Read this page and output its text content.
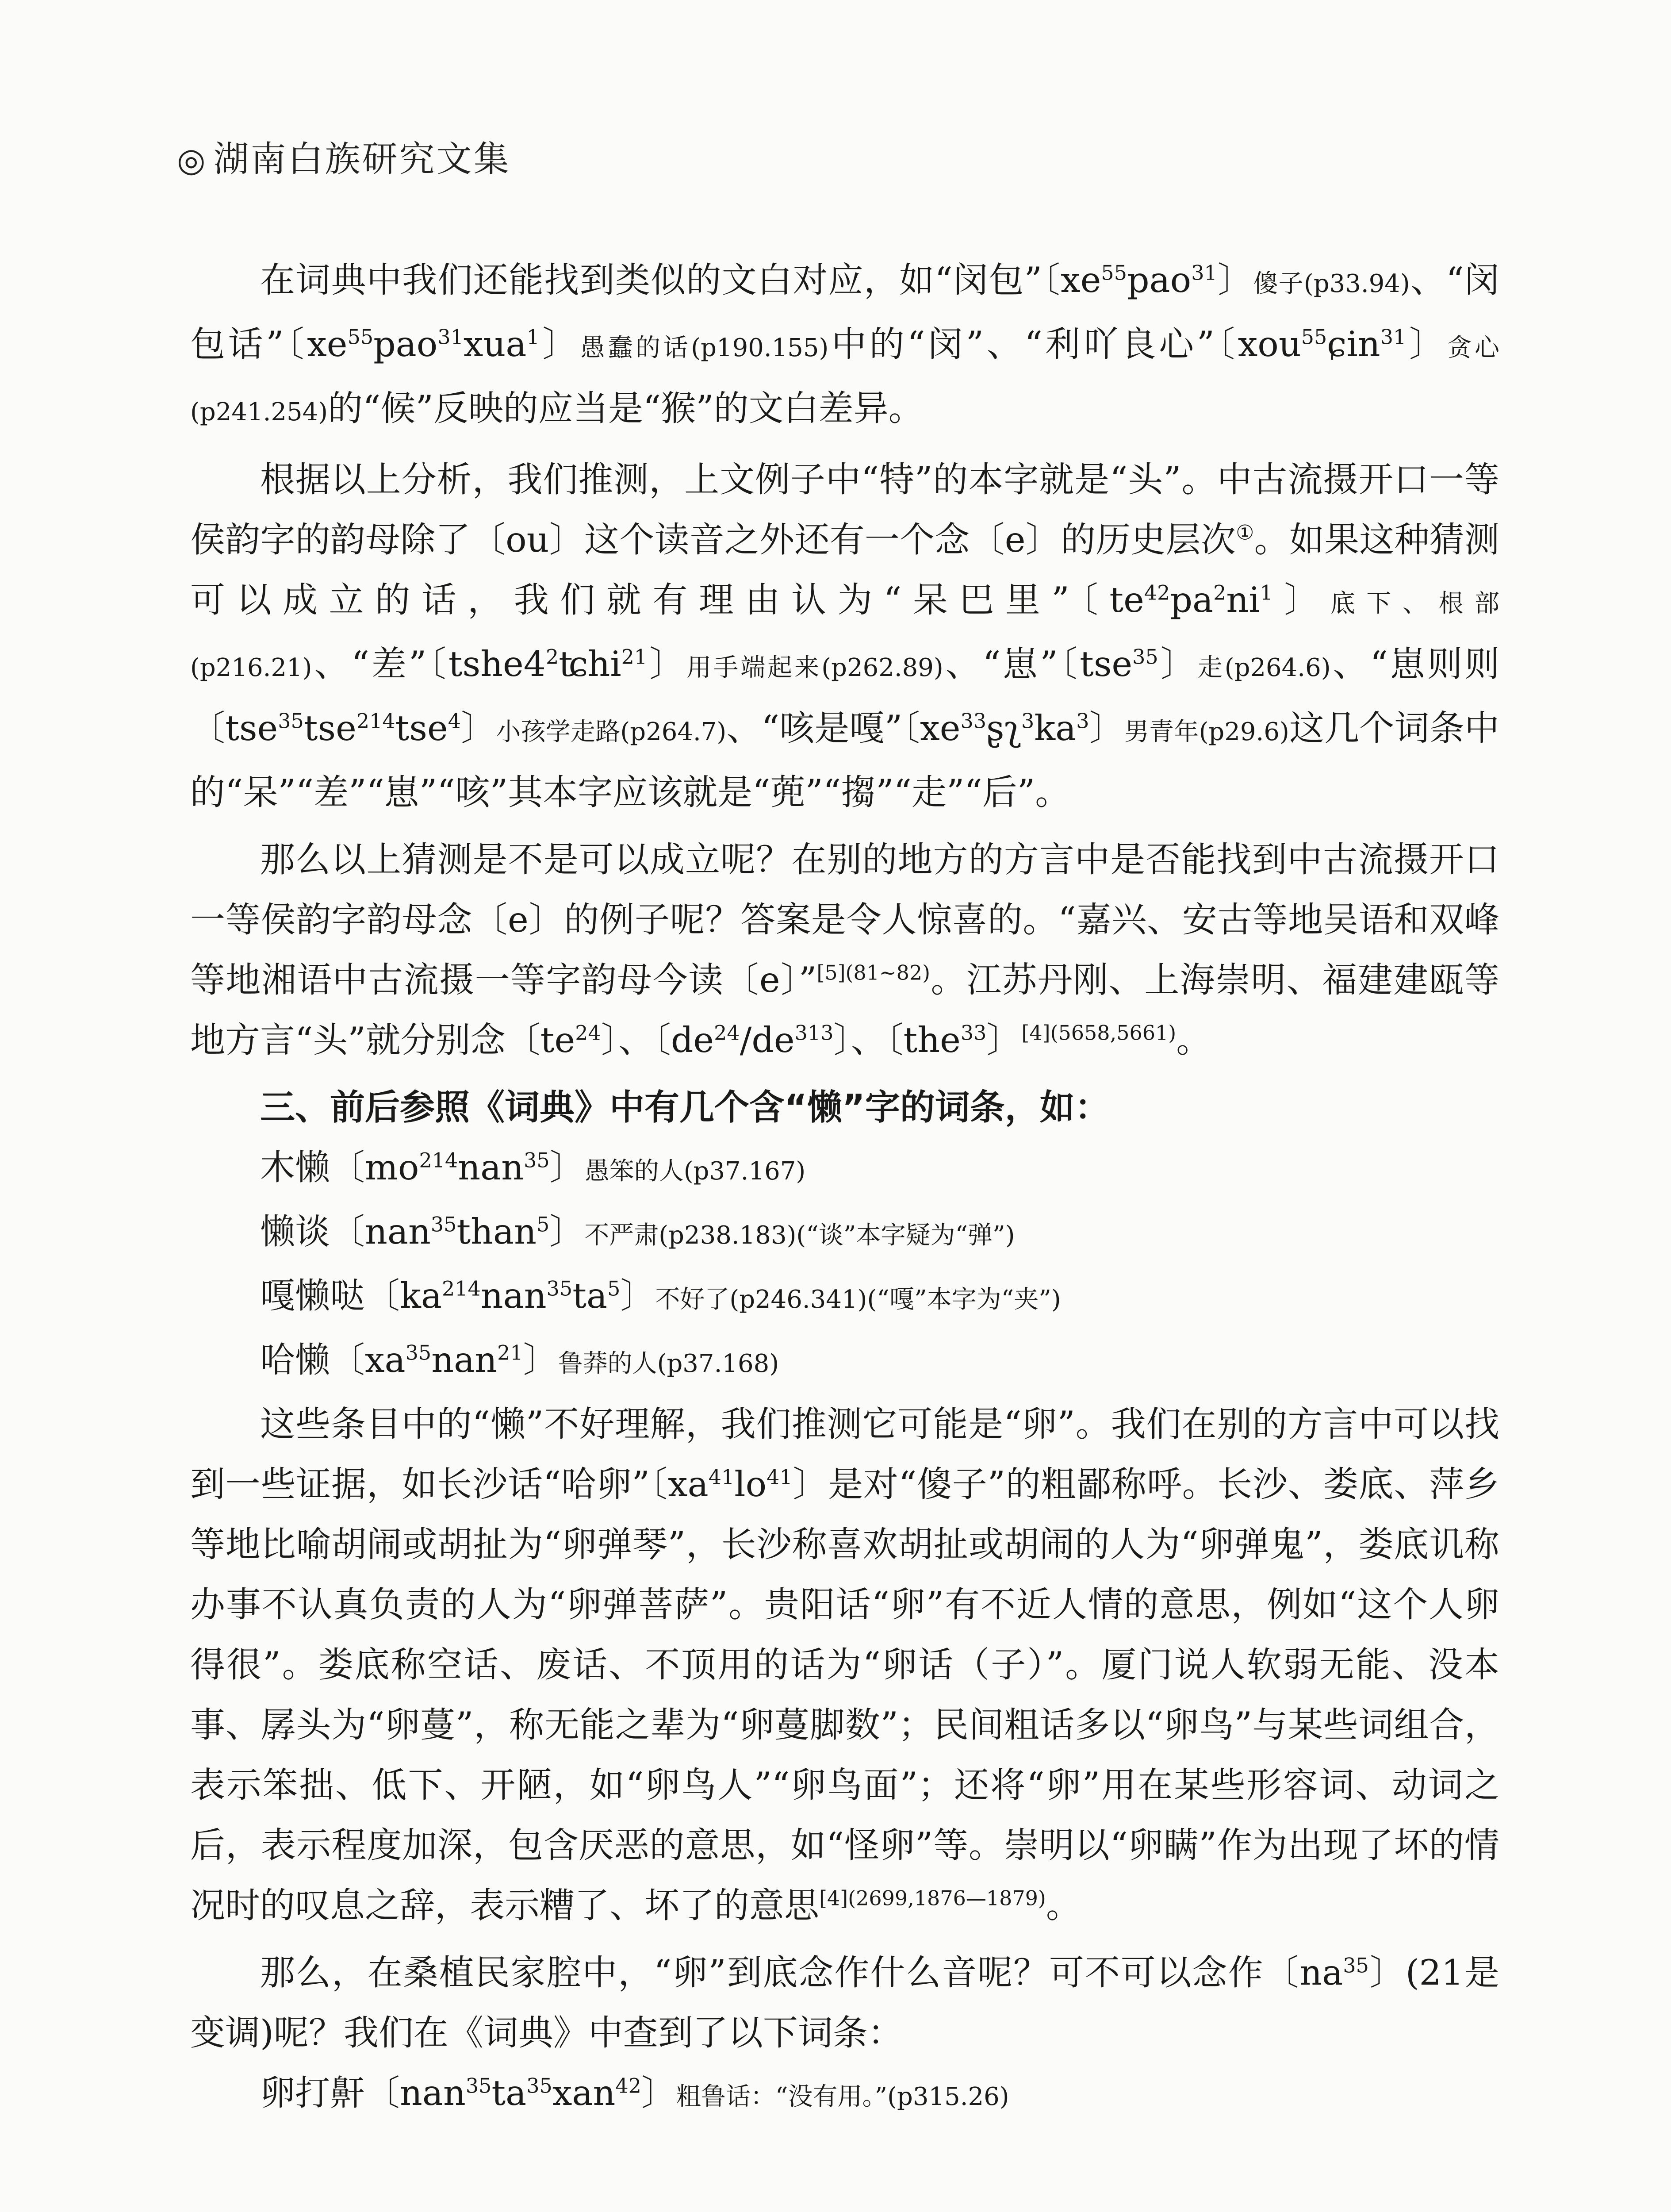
◎ 湖南白族研究文集

在词典中我们还能找到类似的文白对应，如“闵包”〔$xe^{55}pao^{31}$〕傻子(p33.94)、“闵包话”〔$xe^{55}pao^{31}xua^1$〕愚蠢的话(p190.155)中的“闵”、“利吖良心”〔xou$^{55}$ɕin$^{31}$〕贪心(p241.254)的“候”反映的应当是“猴”的文白差异。

根据以上分析，我们推测，上文例子中“特”的本字就是“头”。中古流摄开口一等侯韵字的韵母除了〔ou〕这个读音之外还有一个念〔e〕的历史层次①。如果这种猜测可以成立的话，我们就有理由认为“呆巴里”〔$te^{42}pa^2ni^1$〕底下、根部(p216.21)、“差”〔$tshe4^2ʨhi^{21}$〕用手端起来(p262.89)、“崽”〔tse$^{35}$〕走(p264.6)、“崽则则〔tse$^{35}$tse$^{214}$tse$^4$〕小孩学走路(p264.7)、“咳是嘎”〔$xe^{33}ʂʅ^3ka^3$〕男青年(p29.6)这几个词条中的“呆”“差”“崽”“咳”其本字应该就是“蔸”“搊”“走”“后”。

那么以上猜测是不是可以成立呢？在别的地方的方言中是否能找到中古流摄开口一等侯韵字韵母念〔e〕的例子呢？答案是令人惊喜的。“嘉兴、安古等地吴语和双峰等地湘语中古流摄一等字韵母今读〔e〕”$^{[5](81\sim 82)}$。江苏丹刚、上海崇明、福建建瓯等地方言“头”就分别念〔$te^{24}$〕、〔$de^{24}/de^{313}$〕、〔the$^{33}$〕$^{[4](5658,5661)}$。

三、前后参照《词典》中有几个含“懒”字的词条，如：

木懒〔$mo^{214}nan^{35}$〕愚笨的人(p37.167)

懒谈〔nan$^{35}$than$^5$〕不严肃(p238.183)(“谈”本字疑为“弹”)

嘎懒哒〔$ka^{214}nan^{35}ta^5$〕不好了(p246.341)(“嘎”本字为“夹”)

哈懒〔$xa^{35}nan^{21}$〕鲁莽的人(p37.168)

这些条目中的“懒”不好理解，我们推测它可能是“卵”。我们在别的方言中可以找到一些证据，如长沙话“哈卵”〔$xa^{41}lo^{41}$〕是对“傻子”的粗鄙称呼。长沙、娄底、萍乡等地比喻胡闹或胡扯为“卵弹琴”，长沙称喜欢胡扯或胡闹的人为“卵弹鬼”，娄底讥称办事不认真负责的人为“卵弹菩萨”。贵阳话“卵”有不近人情的意思，例如“这个人卵得很”。娄底称空话、废话、不顶用的话为“卵话（子）”。厦门说人软弱无能、没本事、孱头为“卵蔓”，称无能之辈为“卵蔓脚数”；民间粗话多以“卵鸟”与某些词组合，表示笨拙、低下、开陋，如“卵鸟人”“卵鸟面”；还将“卵”用在某些形容词、动词之后，表示程度加深，包含厌恶的意思，如“怪卵”等。崇明以“卵瞒”作为出现了坏的情况时的叹息之辞，表示糟了、坏了的意思$^{[4](2699,1876—1879)}$。

那么，在桑植民家腔中，“卵”到底念作什么音呢？可不可以念作〔$na^{35}$〕(21是变调)呢？我们在《词典》中查到了以下词条：

卵打鼾〔$nan^{35}ta^{35}xan^{42}$〕粗鲁话：“没有用。”(p315.26)
